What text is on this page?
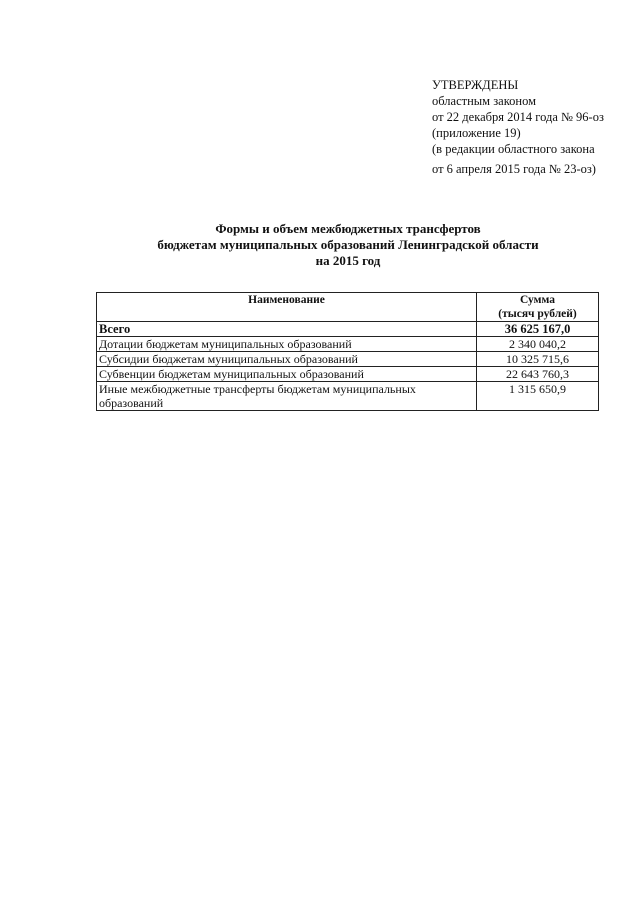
УТВЕРЖДЕНЫ
областным законом
от 22 декабря 2014 года № 96-оз
(приложение 19)
(в редакции областного закона
от 6 апреля 2015 года № 23-оз)
Формы и объем межбюджетных трансфертов
бюджетам муниципальных образований Ленинградской области
на 2015 год
Наименование	Сумма
(тысяч рублей)

Всего	36 625 167,0
Дотации бюджетам муниципальных образований	2 340 040,2
Субсидии бюджетам муниципальных образований	10 325 715,6
Субвенции бюджетам муниципальных образований	22 643 760,3
Иные межбюджетные трансферты бюджетам муниципальных образований	1 315 650,9
